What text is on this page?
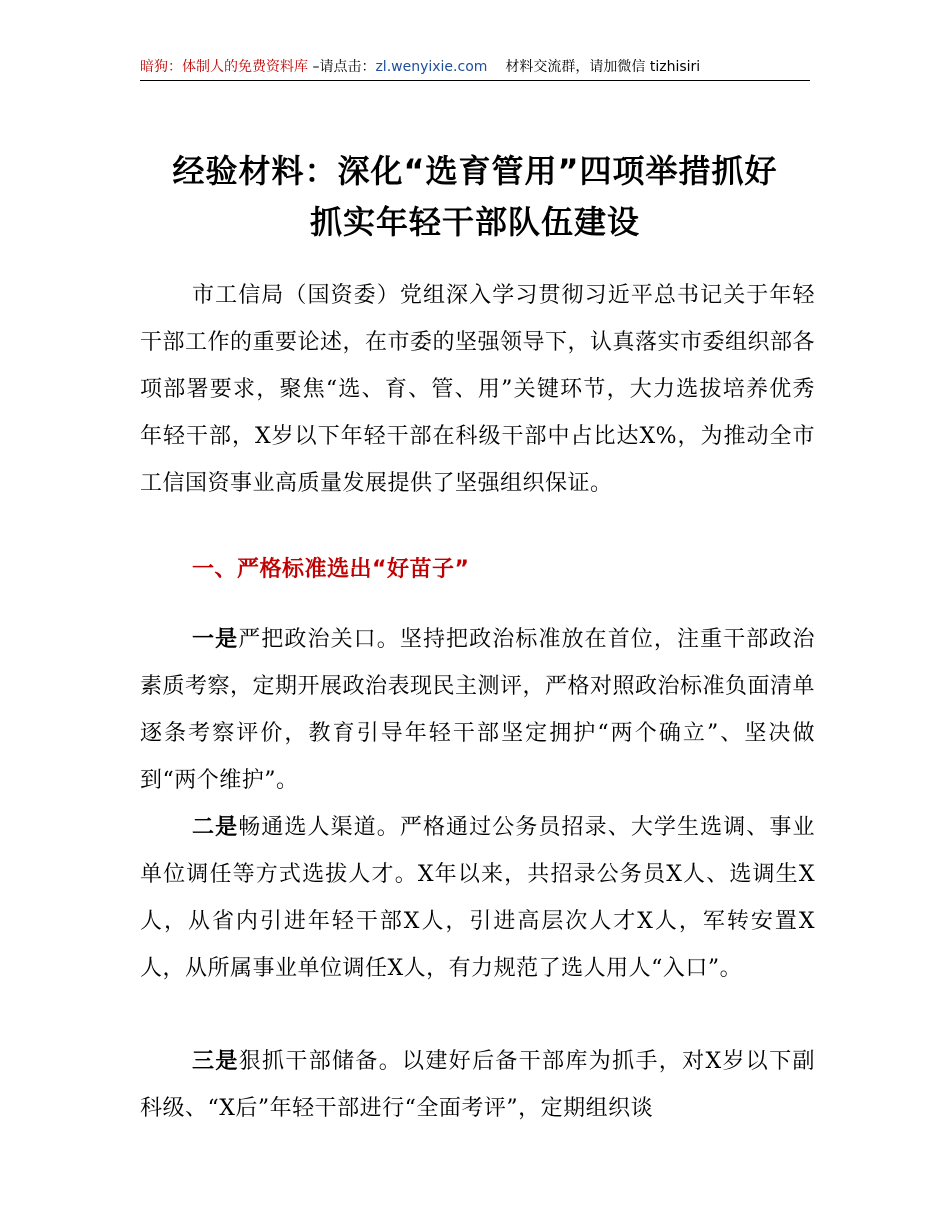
暗狗：体制人的免费资料库 –请点击：zl.wenyixie.com 材料交流群，请加微信 tizhisiri
经验材料：深化“选育管用”四项举措抓好
抓实年轻干部队伍建设
市工信局（国资委）党组深入学习贯彻习近平总书记关于年轻干部工作的重要论述，在市委的坚强领导下，认真落实市委组织部各项部署要求，聚焦“选、育、管、用”关键环节，大力选拔培养优秀年轻干部，X岁以下年轻干部在科级干部中占比达X%，为推动全市工信国资事业高质量发展提供了坚强组织保证。
一、严格标准选出“好苗子”
一是严把政治关口。坚持把政治标准放在首位，注重干部政治素质考察，定期开展政治表现民主测评，严格对照政治标准负面清单逐条考察评价，教育引导年轻干部坚定拥护“两个确立”、坚决做到“两个维护”。
二是畅通选人渠道。严格通过公务员招录、大学生选调、事业单位调任等方式选拔人才。X年以来，共招录公务员X人、选调生X人，从省内引进年轻干部X人，引进高层次人才X人，军转安置X人，从所属事业单位调任X人，有力规范了选人用人“入口”。
三是狠抓干部储备。以建好后备干部库为抓手，对X岁以下副科级、“X后”年轻干部进行“全面考评”，定期组织谈
